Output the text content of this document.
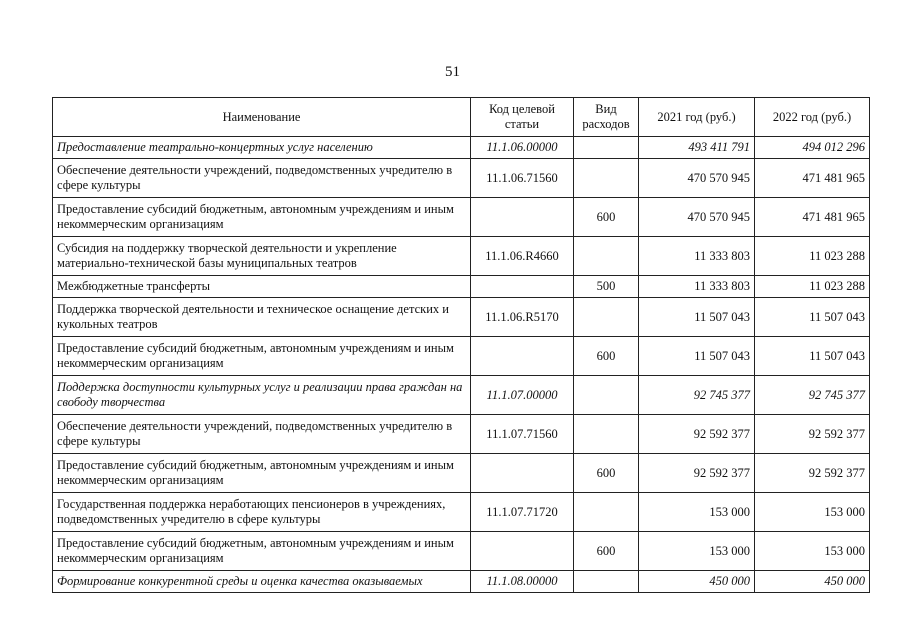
51
Наименование	Код целевой статьи	Вид расходов	2021 год (руб.)	2022 год (руб.)
Предоставление театрально-концертных услуг населению	11.1.06.00000		493 411 791	494 012 296
Обеспечение деятельности учреждений, подведомственных учредителю в сфере культуры	11.1.06.71560		470 570 945	471 481 965
Предоставление субсидий бюджетным, автономным учреждениям и иным некоммерческим организациям		600	470 570 945	471 481 965
Субсидия на поддержку творческой деятельности и укрепление материально-технической базы муниципальных театров	11.1.06.R4660		11 333 803	11 023 288
Межбюджетные трансферты		500	11 333 803	11 023 288
Поддержка творческой деятельности и техническое оснащение детских и кукольных театров	11.1.06.R5170		11 507 043	11 507 043
Предоставление субсидий бюджетным, автономным учреждениям и иным некоммерческим организациям		600	11 507 043	11 507 043
Поддержка доступности культурных услуг и реализации права граждан на свободу творчества	11.1.07.00000		92 745 377	92 745 377
Обеспечение деятельности учреждений, подведомственных учредителю в сфере культуры	11.1.07.71560		92 592 377	92 592 377
Предоставление субсидий бюджетным, автономным учреждениям и иным некоммерческим организациям		600	92 592 377	92 592 377
Государственная поддержка неработающих пенсионеров в учреждениях, подведомственных учредителю в сфере культуры	11.1.07.71720		153 000	153 000
Предоставление субсидий бюджетным, автономным учреждениям и иным некоммерческим организациям		600	153 000	153 000
Формирование конкурентной среды и оценка качества оказываемых	11.1.08.00000		450 000	450 000
